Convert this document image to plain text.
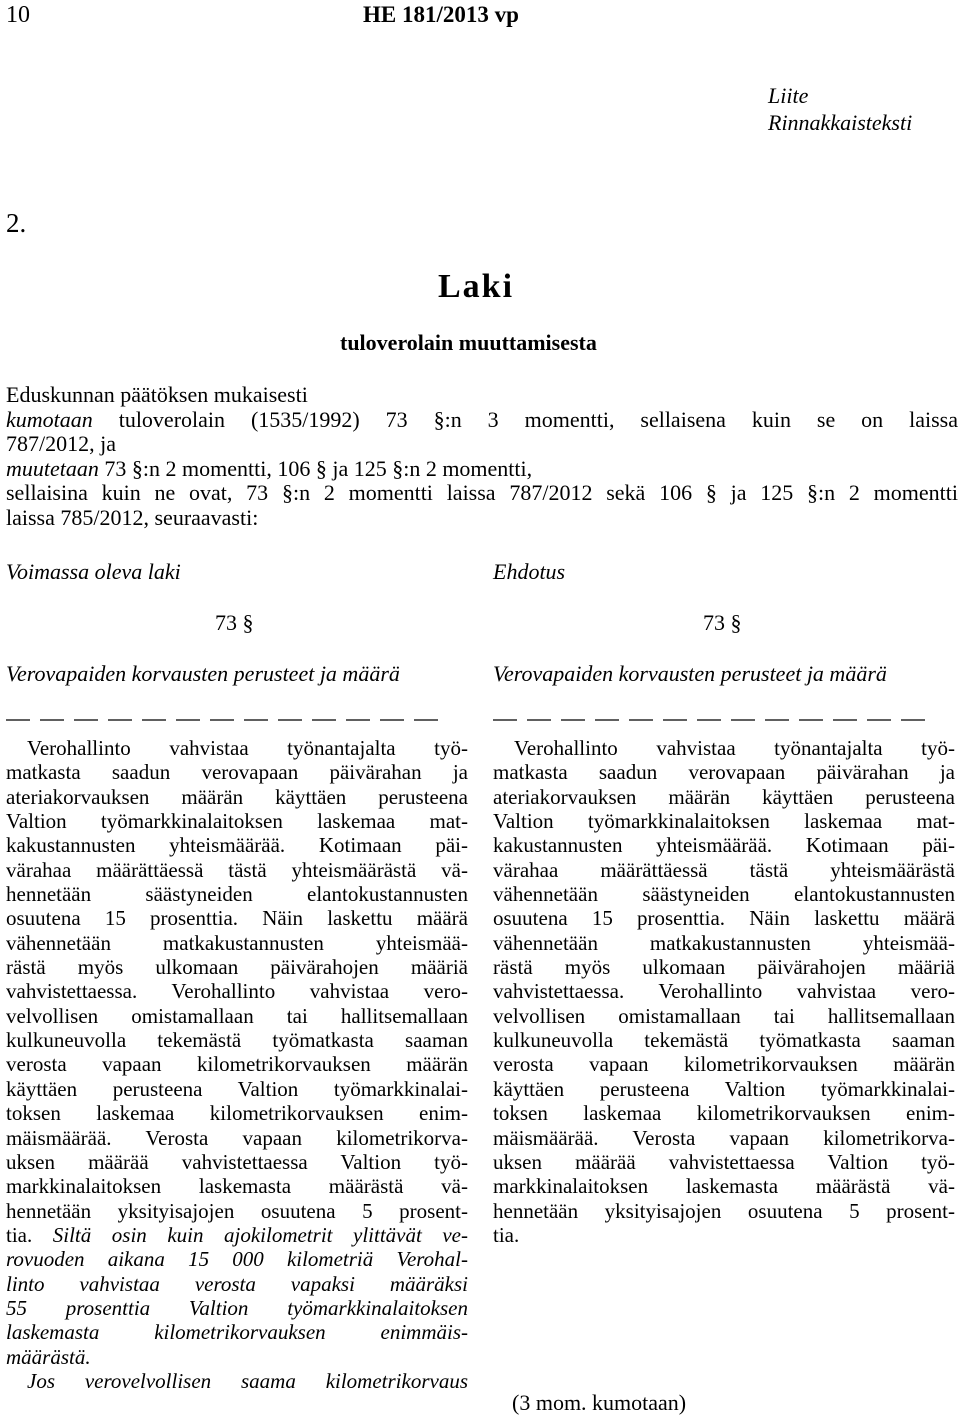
10	HE 181/2013 vp
Liite
Rinnakkaisteksti
2.
Laki
tuloverolain muuttamisesta

Eduskunnan päätöksen mukaisesti

kumotaan tuloverolain (1535/1992) 73 §:n 3 momentti, sellaisena kuin se on laissa

787/2012, ja

muutetaan 73 §:n 2 momentti, 106 § ja 125 §:n 2 momentti,

sellaisina kuin ne ovat, 73 §:n 2 momentti laissa 787/2012 sekä 106 § ja 125 §:n 2 momentti

laissa 785/2012, seuraavasti:

Voimassa oleva laki	Ehdotus
73 §	73 §
Verovapaiden korvausten perusteet ja määrä	Verovapaiden korvausten perusteet ja määrä
Verohallinto vahvistaa työnantajalta työ-
matkasta saadun verovapaan päivärahan ja
ateriakorvauksen määrän käyttäen perusteena
Valtion työmarkkinalaitoksen laskemaa mat-
kakustannusten yhteismäärää. Kotimaan päi-
värahaa määrättäessä tästä yhteismäärästä vä-
hennetään säästyneiden elantokustannusten
osuutena 15 prosenttia. Näin laskettu määrä
vähennetään matkakustannusten yhteismää-
rästä myös ulkomaan päivärahojen määriä
vahvistettaessa. Verohallinto vahvistaa vero-
velvollisen omistamallaan tai hallitsemallaan
kulkuneuvolla tekemästä työmatkasta saaman
verosta vapaan kilometrikorvauksen määrän
käyttäen perusteena Valtion työmarkkinalai-
toksen laskemaa kilometrikorvauksen enim-
mäismäärää. Verosta vapaan kilometrikorva-
uksen määrää vahvistettaessa Valtion työ-
markkinalaitoksen laskemasta määrästä vä-
hennetään yksityisajojen osuutena 5 prosent-
tia. Siltä osin kuin ajokilometrit ylittävät ve-
rovuoden aikana 15 000 kilometriä Verohal-
linto vahvistaa verosta vapaksi määräksi
55 prosenttia Valtion työmarkkinalaitoksen
laskemasta kilometrikorvauksen enimmäis-
määrästä.
Jos verovelvollisen saama kilometrikorvaus
Verohallinto vahvistaa työnantajalta työ-
matkasta saadun verovapaan päivärahan ja
ateriakorvauksen määrän käyttäen perusteena
Valtion työmarkkinalaitoksen laskemaa mat-
kakustannusten yhteismäärää. Kotimaan päi-
värahaa määrättäessä tästä yhteismäärästä
vähennetään säästyneiden elantokustannusten
osuutena 15 prosenttia. Näin laskettu määrä
vähennetään matkakustannusten yhteismää-
rästä myös ulkomaan päivärahojen määriä
vahvistettaessa. Verohallinto vahvistaa vero-
velvollisen omistamallaan tai hallitsemallaan
kulkuneuvolla tekemästä työmatkasta saaman
verosta vapaan kilometrikorvauksen määrän
käyttäen perusteena Valtion työmarkkinalai-
toksen laskemaa kilometrikorvauksen enim-
mäismäärää. Verosta vapaan kilometrikorva-
uksen määrää vahvistettaessa Valtion työ-
markkinalaitoksen laskemasta määrästä vä-
hennetään yksityisajojen osuutena 5 prosent-
tia.
(3 mom. kumotaan)
